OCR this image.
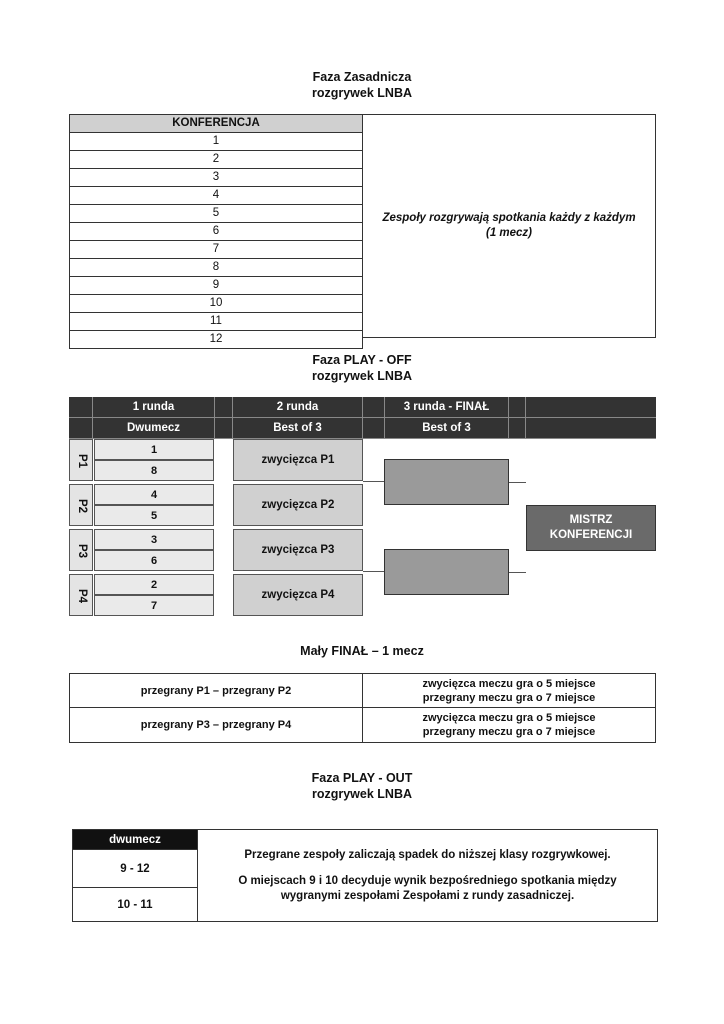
Faza Zasadnicza
rozgrywek LNBA
KONFERENCJA
1
2
3
4
5
6
7
8
9
10
11
12
Zespoły rozgrywają spotkania każdy z każdym
(1 mecz)
Faza PLAY - OFF
rozgrywek LNBA
1 runda	2 runda	3 runda - FINAŁ
Dwumecz	Best of 3	Best of 3
P1
1
8
zwycięzca P1
P2
4
5
zwycięzca P2
P3
3
6
zwycięzca P3
P4
2
7
zwycięzca P4
MISTRZ
KONFERENCJI
Mały FINAŁ – 1 mecz
przegrany P1 – przegrany P2
zwycięzca meczu gra o 5 miejsce
przegrany meczu gra o 7 miejsce
przegrany P3 – przegrany P4
zwycięzca meczu gra o 5 miejsce
przegrany meczu gra o 7 miejsce
Faza PLAY - OUT
rozgrywek LNBA
dwumecz
9 - 12
10 - 11
Przegrane zespoły zaliczają spadek do niższej klasy rozgrywkowej.
O miejscach 9 i 10 decyduje wynik bezpośredniego spotkania między
wygranymi zespołami Zespołami z rundy zasadniczej.
